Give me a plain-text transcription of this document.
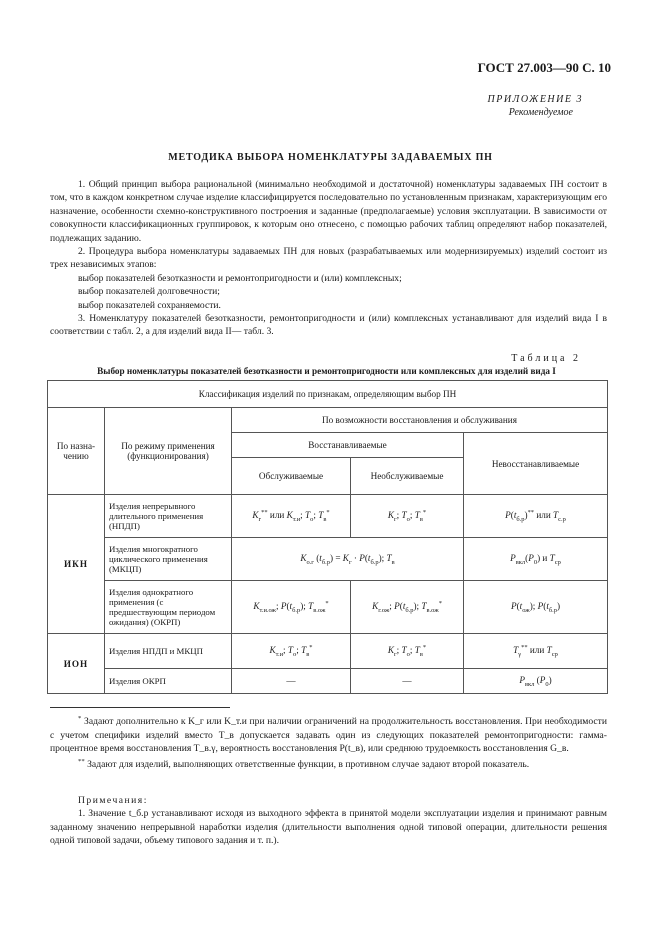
ГОСТ 27.003—90 С. 10
ПРИЛОЖЕНИЕ 3
Рекомендуемое
МЕТОДИКА ВЫБОРА НОМЕНКЛАТУРЫ ЗАДАВАЕМЫХ ПН

1. Общий принцип выбора рациональной (минимально необходимой и достаточной) номенклатуры задаваемых ПН состоит в том, что в каждом конкретном случае изделие классифицируется последовательно по установленным признакам, характеризующим его назначение, особенности схемно-конструктивного построения и заданные (предполагаемые) условия эксплуатации. В зависимости от совокупности классификационных группировок, к которым оно отнесено, с помощью рабочих таблиц определяют набор показателей, подлежащих заданию.

2. Процедура выбора номенклатуры задаваемых ПН для новых (разрабатываемых или модернизируемых) изделий состоит из трех независимых этапов:

выбор показателей безотказности и ремонтопригодности и (или) комплексных;

выбор показателей долговечности;

выбор показателей сохраняемости.

3. Номенклатуру показателей безотказности, ремонтопригодности и (или) комплексных устанавливают для изделий вида I в соответствии с табл. 2, а для изделий вида II— табл. 3.

Таблица 2
Выбор номенклатуры показателей безотказности и ремонтопригодности или комплексных для изделий вида I
Классификация изделий по признакам, определяющим выбор ПН				
По назна- чению	По режиму применения (функционирования)	По возможности восстановления и обслуживания		
		Восстанавливаемые		Невосстанавливаемые

		Обслуживаемые	Необслуживаемые	
ИКН	Изделия непрерывного длительного применения (НПДП)	$K_г^{**}$ или $K_{т.и}$; $T_о$; $T_в^*$	$K_г$; $T_о$; $T_в^*$	$P(t_{б.р})^{**}$ или $T_{с.р}$
	Изделия многократного циклического применения (МКЦП)	$K_{о.г}$ $(t_{б.р}) = K_г \cdot P(t_{б.р})$; $T_в$		$P_{вкл}(P_0)$ и $T_{ср}$
	Изделия однократного применения (с предшествующим периодом ожидания) (ОКРП)	$K_{т.и.ож}$; $P(t_{б.р})$; $T_{в.ож}^*$	$K_{г.ож}$; $P(t_{б.р})$; $T_{в.ож}^*$	$P(t_{ож})$; $P(t_{б.р})$
ИОН	Изделия НПДП и МКЦП	$K_{т.и}$; $T_о$; $T_в^*$	$K_г$; $T_о$; $T_в^*$	$T_\gamma^{**}$ или $T_{ср}$
	Изделия ОКРП	—	—	$P_{вкл}$ $(P_0)$

* Задают дополнительно к K_г или K_т.и при наличии ограничений на продолжительность восстановления. При необходимости с учетом специфики изделий вместо T_в допускается задавать один из следующих показателей ремонтопригодности: гамма-процентное время восстановления T_в.γ, вероятность восстановления P(t_в), или среднюю трудоемкость восстановления G_в.

** Задают для изделий, выполняющих ответственные функции, в противном случае задают второй показатель.

Примечания:

1. Значение t_б.р устанавливают исходя из выходного эффекта в принятой модели эксплуатации изделия и принимают равным заданному значению непрерывной наработки изделия (длительности выполнения одной типовой операции, длительности решения одной типовой задачи, объему типового задания и т. п.).
